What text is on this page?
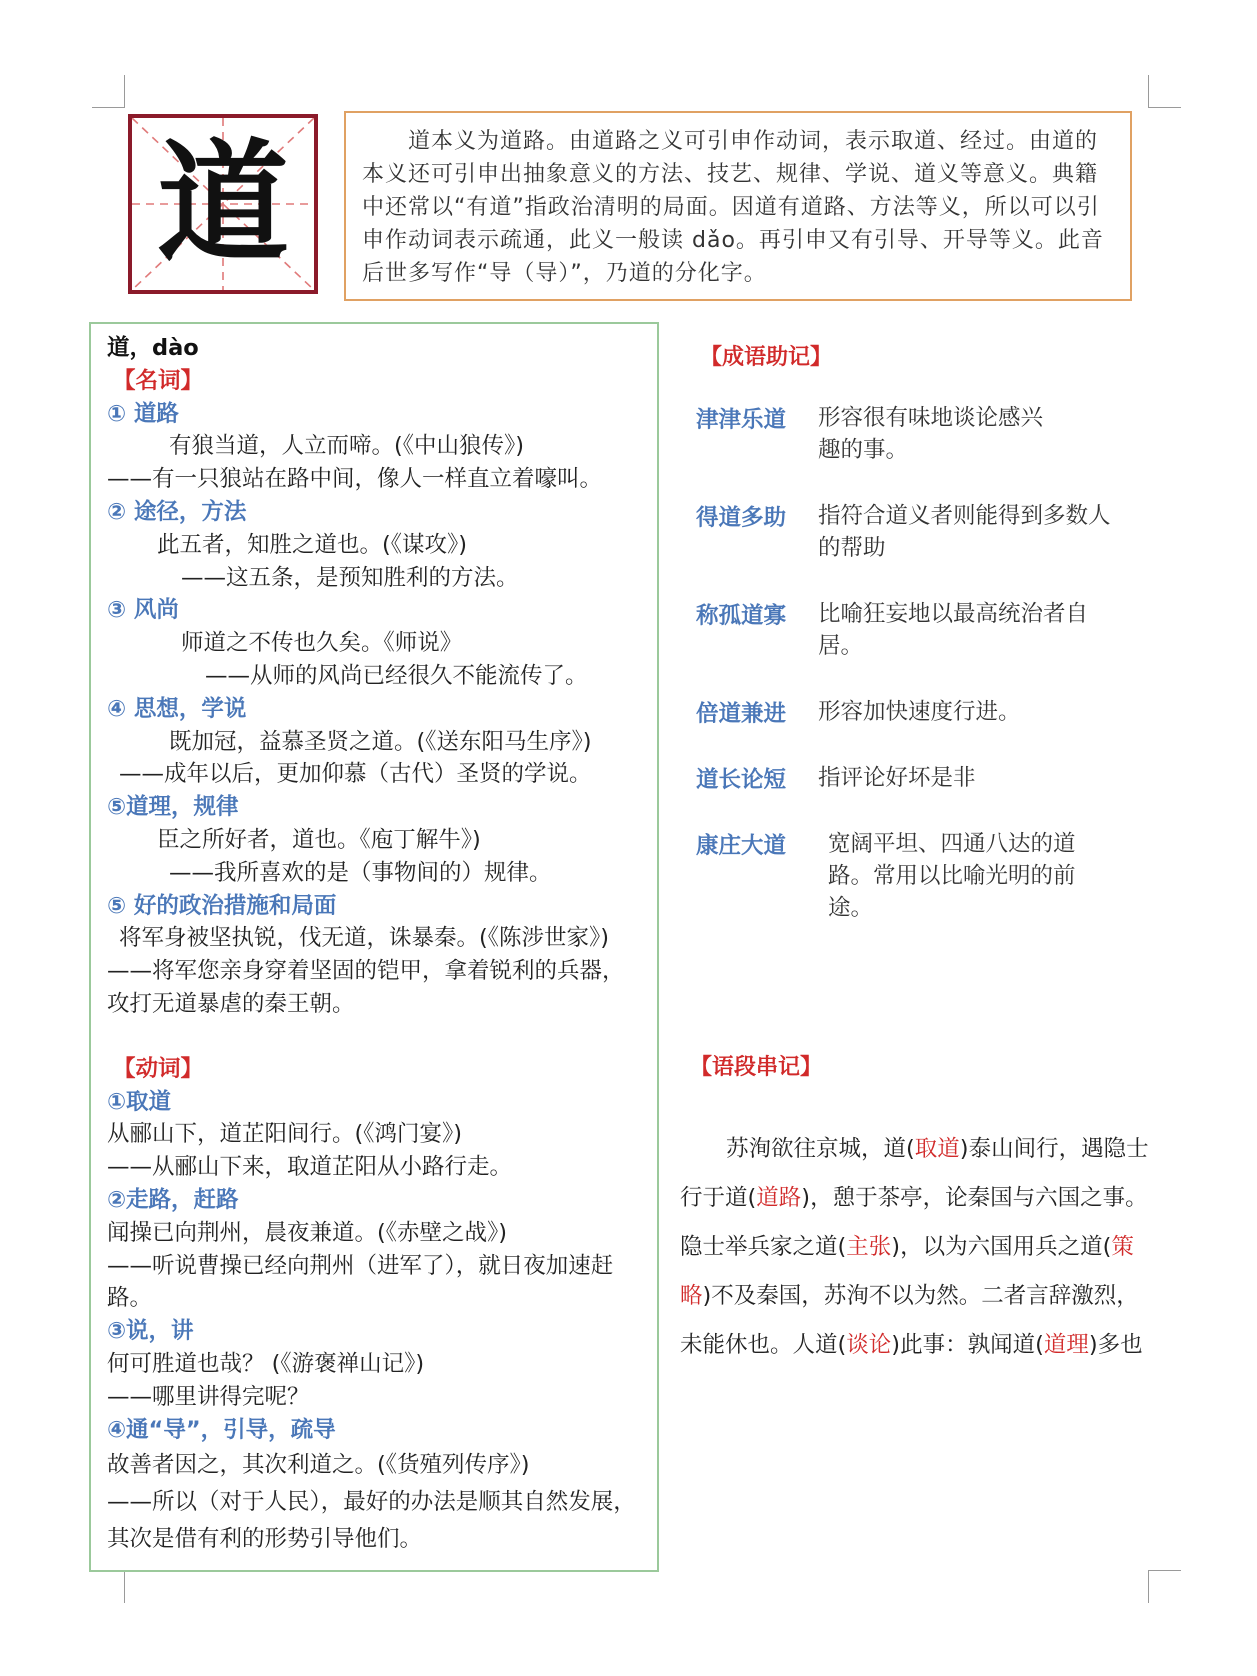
道	道本义为道路。由道路之义可引申作动词，表示取道、经过。由道的本义还可引申出抽象意义的方法、技艺、规律、学说、道义等意义。典籍中还常以“有道”指政治清明的局面。因道有道路、方法等义，所以可以引申作动词表示疏通，此义一般读 dǎo。再引申又有引导、开导等义。此音后世多写作“导（导）”，乃道的分化字。

道，dào
【名词】
① 道路
有狼当道，人立而啼。(《中山狼传》)
——有一只狼站在路中间，像人一样直立着嚎叫。
② 途径，方法
此五者，知胜之道也。(《谋攻》)
——这五条，是预知胜利的方法。
③ 风尚
师道之不传也久矣。《师说》
——从师的风尚已经很久不能流传了。
④ 思想，学说
既加冠，益慕圣贤之道。(《送东阳马生序》)
——成年以后，更加仰慕（古代）圣贤的学说。
⑤道理，规律
臣之所好者，道也。《庖丁解牛》)
——我所喜欢的是（事物间的）规律。
⑤ 好的政治措施和局面
将军身被坚执锐，伐无道，诛暴秦。(《陈涉世家》)
——将军您亲身穿着坚固的铠甲，拿着锐利的兵器，攻打无道暴虐的秦王朝。
【动词】
①取道
从郦山下，道芷阳间行。(《鸿门宴》)
——从郦山下来，取道芷阳从小路行走。
②走路，赶路
闻操已向荆州，晨夜兼道。(《赤壁之战》)
——听说曹操已经向荆州（进军了），就日夜加速赶路。
③说，讲
何可胜道也哉？ (《游褒禅山记》)
——哪里讲得完呢？
④通“导”，引导，疏导
故善者因之，其次利道之。(《货殖列传序》)
——所以（对于人民），最好的办法是顺其自然发展，其次是借有利的形势引导他们。
【成语助记】
津津乐道 形容很有味地谈论感兴趣的事。
得道多助 指符合道义者则能得到多数人的帮助
称孤道寡 比喻狂妄地以最高统治者自居。
倍道兼进 形容加快速度行进。
道长论短 指评论好坏是非
康庄大道 宽阔平坦、四通八达的道路。常用以比喻光明的前途。
【语段串记】
苏洵欲往京城，道(取道)泰山间行，遇隐士行于道(道路)，憩于茶亭，论秦国与六国之事。隐士举兵家之道(主张)，以为六国用兵之道(策略)不及秦国，苏洵不以为然。二者言辞激烈，未能休也。人道(谈论)此事：孰闻道(道理)多也
